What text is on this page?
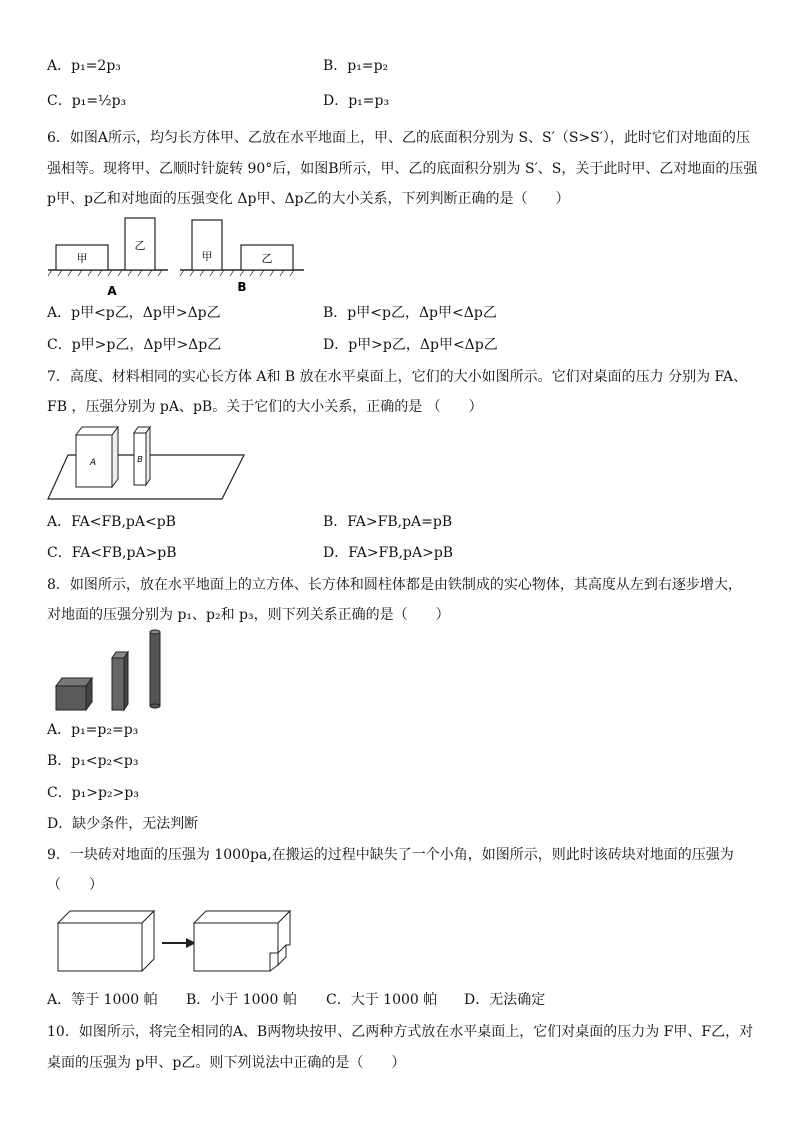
A．p₁=2p₃	B．p₁=p₂
C．p₁=½p₃	D．p₁=p₃
6．如图A所示，均匀长方体甲、乙放在水平地面上，甲、乙的底面积分别为 S、S′（S>S′），此时它们对地面的压
强相等。现将甲、乙顺时针旋转 90°后，如图B所示，甲、乙的底面积分别为 S′、S，关于此时甲、乙对地面的压强
p甲、p乙和对地面的压强变化 Δp甲、Δp乙的大小关系，下列判断正确的是（　　）
甲
乙
A
甲	乙
B
A．p甲<p乙，Δp甲>Δp乙	B．p甲<p乙，Δp甲<Δp乙
C．p甲>p乙，Δp甲>Δp乙	D．p甲>p乙，Δp甲<Δp乙
7．高度、材料相同的实心长方体 A和 B 放在水平桌面上，它们的大小如图所示。它们对桌面的压力 分别为 FA、
FB ，压强分别为 pA、pB。关于它们的大小关系，正确的是 （　　）
A	B
A．FA<FB,pA<pB	B．FA>FB,pA=pB
C．FA<FB,pA>pB	D．FA>FB,pA>pB
8．如图所示，放在水平地面上的立方体、长方体和圆柱体都是由铁制成的实心物体，其高度从左到右逐步增大，
对地面的压强分别为 p₁、p₂和 p₃，则下列关系正确的是（　　）
A．p₁=p₂=p₃
B．p₁<p₂<p₃
C．p₁>p₂>p₃
D．缺少条件，无法判断
9．一块砖对地面的压强为 1000pa,在搬运的过程中缺失了一个小角，如图所示，则此时该砖块对地面的压强为
（　　）
A．等于 1000 帕 B．小于 1000 帕 C．大于 1000 帕 D．无法确定
10．如图所示，将完全相同的A、B两物块按甲、乙两种方式放在水平桌面上，它们对桌面的压力为 F甲、F乙，对
桌面的压强为 p甲、p乙。则下列说法中正确的是（　　）
